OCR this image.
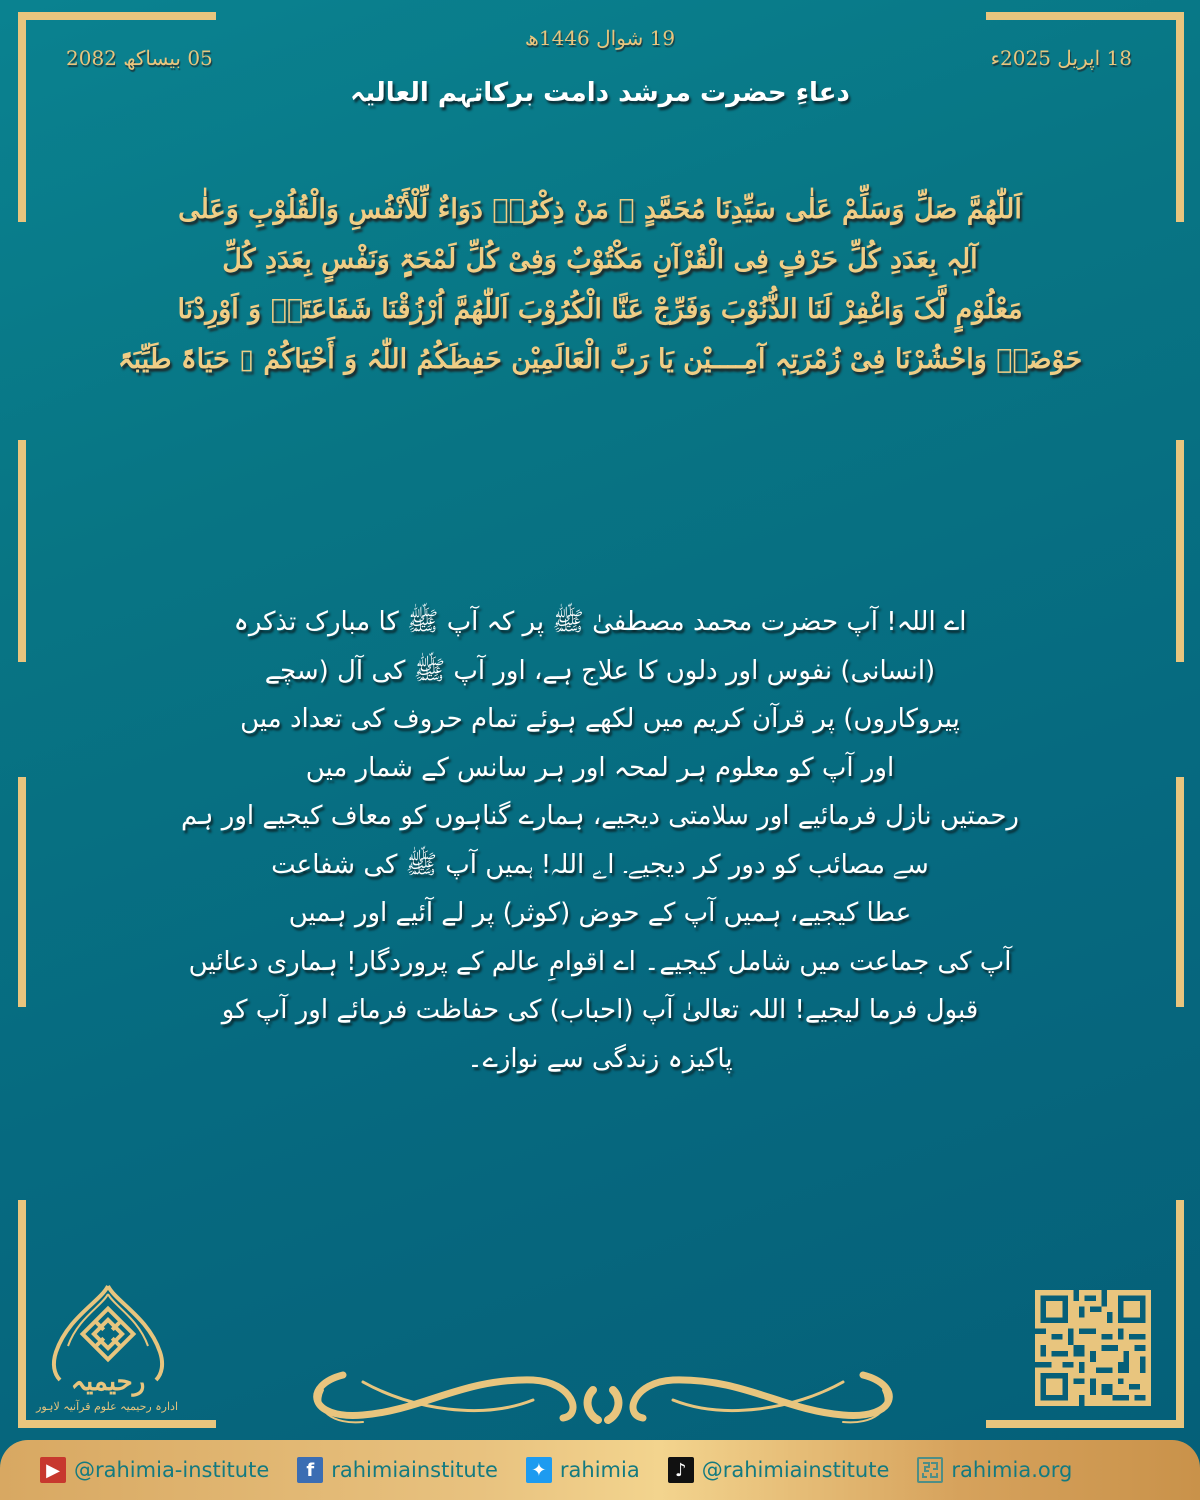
19 شوال 1446ھ
18 اپریل 2025ء
05 بیساکھ 2082
دعاءِ حضرت مرشد دامت برکاتہم العالیہ
اَللّٰھُمَّ صَلِّ وَسَلِّمْ عَلٰی سَیِّدِنَا مُحَمَّدٍ ﷺ مَنْ ذِکْرُہٗ دَوَاءٌ لِّلْأَنْفُسِ وَالْقُلُوْبِ وَعَلٰی
آلِہٖ بِعَدَدِ کُلِّ حَرْفٍ فِی الْقُرْآنِ مَکْتُوْبٌ وَفِیْ کُلِّ لَمْحَۃٍ وَنَفْسٍ بِعَدَدِ کُلِّ
مَعْلُوْمٍ لَّکَ وَاغْفِرْ لَنَا الذُّنُوْبَ وَفَرِّجْ عَنَّا الْکُرُوْبَ اَللّٰھُمَّ اُرْزُقْنَا شَفَاعَتَہٗ وَ اَوْرِدْنَا
حَوْضَہٗ وَاحْشُرْنَا فِیْ زُمْرَتِہٖ آمِــــیْن یَا رَبَّ الْعَالَمِیْن حَفِظَکُمُ اللّٰہُ وَ أَحْیَاکُمْ ▯ حَیَاۃً طَیِّبَۃً
اے اللہ! آپ حضرت محمد مصطفیٰ ﷺ پر کہ آپ ﷺ کا مبارک تذکرہ
(انسانی) نفوس اور دلوں کا علاج ہے، اور آپ ﷺ کی آل (سچے
پیروکاروں) پر قرآن کریم میں لکھے ہوئے تمام حروف کی تعداد میں
اور آپ کو معلوم ہر لمحہ اور ہر سانس کے شمار میں
رحمتیں نازل فرمائیے اور سلامتی دیجیے، ہمارے گناہوں کو معاف کیجیے اور ہم
سے مصائب کو دور کر دیجیے۔ اے اللہ! ہمیں آپ ﷺ کی شفاعت
عطا کیجیے، ہمیں آپ کے حوض (کوثر) پر لے آئیے اور ہمیں
آپ کی جماعت میں شامل کیجیے۔ اے اقوامِ عالم کے پروردگار! ہماری دعائیں
قبول فرما لیجیے! اللہ تعالیٰ آپ (احباب) کی حفاظت فرمائے اور آپ کو
پاکیزہ زندگی سے نوازے۔
رحیمیہ
ادارہ رحیمیہ علوم قرآنیہ لاہور
▶ @rahimia-institute	f rahimiainstitute	✦ rahimia	♪ @rahimiainstitute	rahimia.org
